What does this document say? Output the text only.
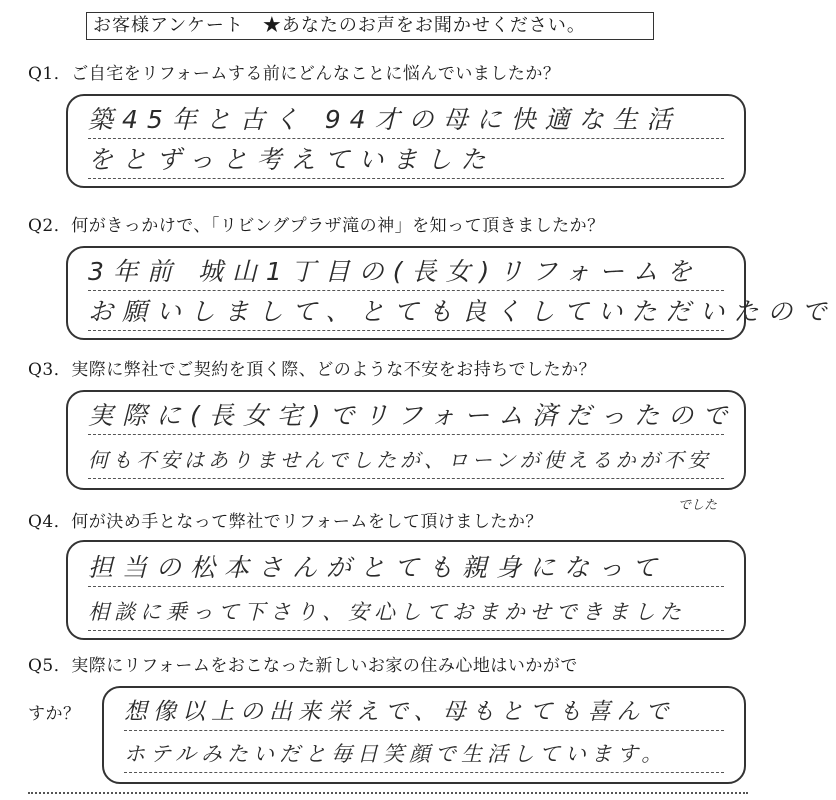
お客様アンケート　★あなたのお声をお聞かせください。
Q1．ご自宅をリフォームする前にどんなことに悩んでいましたか？
築45年と古く 94才の母に快適な生活
をとずっと考えていました
Q2．何がきっかけで、「リビングプラザ滝の神」を知って頂きましたか？
3年前 城山1丁目の(長女)リフォームを
お願いしまして、とても良くしていただいたので
Q3．実際に弊社でご契約を頂く際、どのような不安をお持ちでしたか？
実際に(長女宅)でリフォーム済だったので
何も不安はありませんでしたが、ローンが使えるかが不安
でした
Q4．何が決め手となって弊社でリフォームをして頂けましたか？
担当の松本さんがとても親身になって
相談に乗って下さり、安心しておまかせできました
Q5．実際にリフォームをおこなった新しいお家の住み心地はいかがで
すか？ 想像以上の出来栄えで、母もとても喜んで
ホテルみたいだと毎日笑顔で生活しています。
